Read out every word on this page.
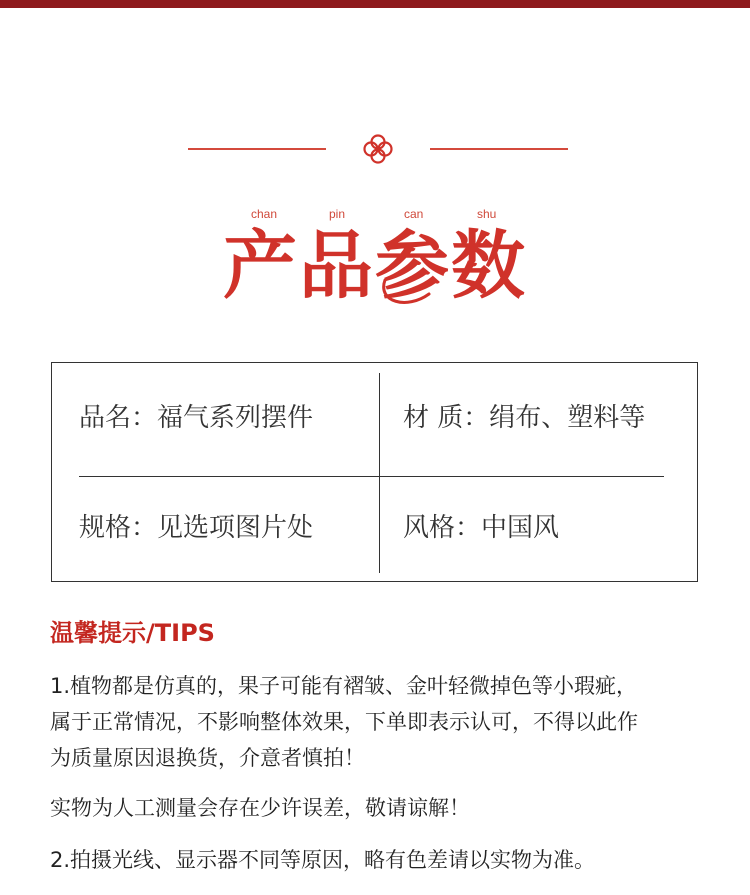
chan	pin	can	shu
产品参数
品名：福气系列摆件	材 质：绢布、塑料等
规格：见选项图片处	风格：中国风
温馨提示/TIPS
1.植物都是仿真的，果子可能有褶皱、金叶轻微掉色等小瑕疵，
属于正常情况，不影响整体效果，下单即表示认可，不得以此作
为质量原因退换货，介意者慎拍！
实物为人工测量会存在少许误差，敬请谅解！
2.拍摄光线、显示器不同等原因，略有色差请以实物为准。
